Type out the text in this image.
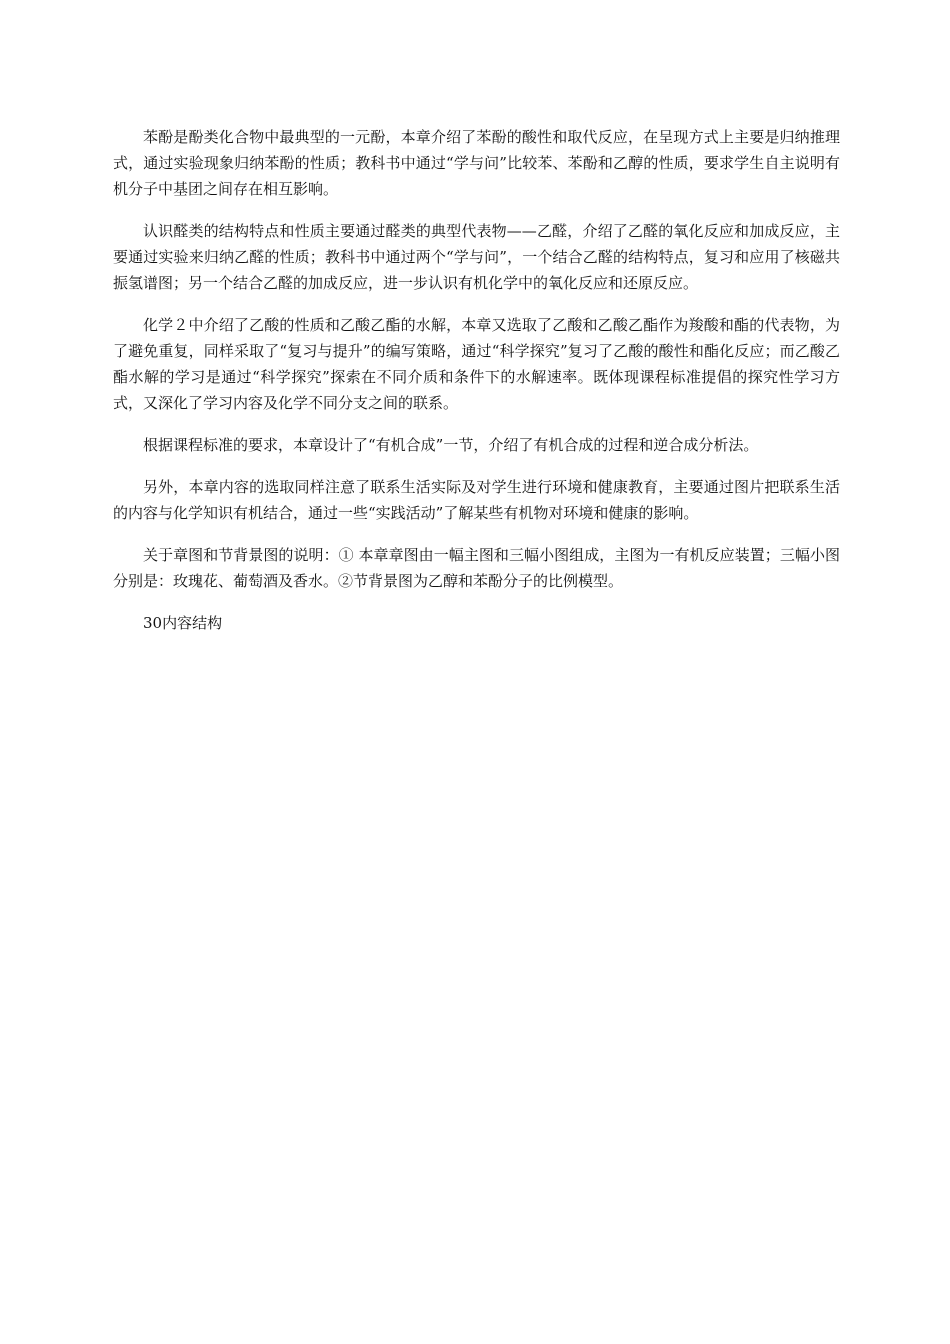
苯酚是酚类化合物中最典型的一元酚，本章介绍了苯酚的酸性和取代反应，在呈现方式上主要是归纳推理式，通过实验现象归纳苯酚的性质；教科书中通过“学与问”比较苯、苯酚和乙醇的性质，要求学生自主说明有机分子中基团之间存在相互影响。

认识醛类的结构特点和性质主要通过醛类的典型代表物——乙醛，介绍了乙醛的氧化反应和加成反应，主要通过实验来归纳乙醛的性质；教科书中通过两个“学与问”，一个结合乙醛的结构特点，复习和应用了核磁共振氢谱图；另一个结合乙醛的加成反应，进一步认识有机化学中的氧化反应和还原反应。

化学２中介绍了乙酸的性质和乙酸乙酯的水解，本章又选取了乙酸和乙酸乙酯作为羧酸和酯的代表物，为了避免重复，同样采取了“复习与提升”的编写策略，通过“科学探究”复习了乙酸的酸性和酯化反应；而乙酸乙酯水解的学习是通过“科学探究”探索在不同介质和条件下的水解速率。既体现课程标准提倡的探究性学习方式，又深化了学习内容及化学不同分支之间的联系。

根据课程标准的要求，本章设计了“有机合成”一节，介绍了有机合成的过程和逆合成分析法。

另外，本章内容的选取同样注意了联系生活实际及对学生进行环境和健康教育，主要通过图片把联系生活的内容与化学知识有机结合，通过一些“实践活动”了解某些有机物对环境和健康的影响。

关于章图和节背景图的说明：① 本章章图由一幅主图和三幅小图组成，主图为一有机反应装置；三幅小图分别是：玫瑰花、葡萄酒及香水。②节背景图为乙醇和苯酚分子的比例模型。

30内容结构
